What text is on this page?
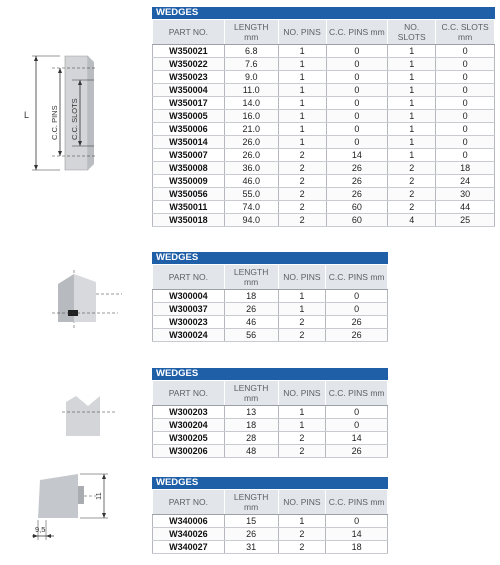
L	C.C. PINS C.C. SLOTS
11
9,5
WEDGES
PART NO.	LENGTH mm	NO. PINS	C.C. PINS mm	NO. SLOTS	C.C. SLOTS mm
W350021	6.8	1	0	1	0
W350022	7.6	1	0	1	0
W350023	9.0	1	0	1	0
W350004	11.0	1	0	1	0
W350017	14.0	1	0	1	0
W350005	16.0	1	0	1	0
W350006	21.0	1	0	1	0
W350014	26.0	1	0	1	0
W350007	26.0	2	14	1	0
W350008	36.0	2	26	2	18
W350009	46.0	2	26	2	24
W350056	55.0	2	26	2	30
W350011	74.0	2	60	2	44
W350018	94.0	2	60	4	25
WEDGES
PART NO.	LENGTH mm	NO. PINS	C.C. PINS mm
W300004	18	1	0
W300037	26	1	0
W300023	46	2	26
W300024	56	2	26
WEDGES
PART NO.	LENGTH mm	NO. PINS	C.C. PINS mm
W300203	13	1	0
W300204	18	1	0
W300205	28	2	14
W300206	48	2	26
WEDGES
PART NO.	LENGTH mm	NO. PINS	C.C. PINS mm
W340006	15	1	0
W340026	26	2	14
W340027	31	2	18
